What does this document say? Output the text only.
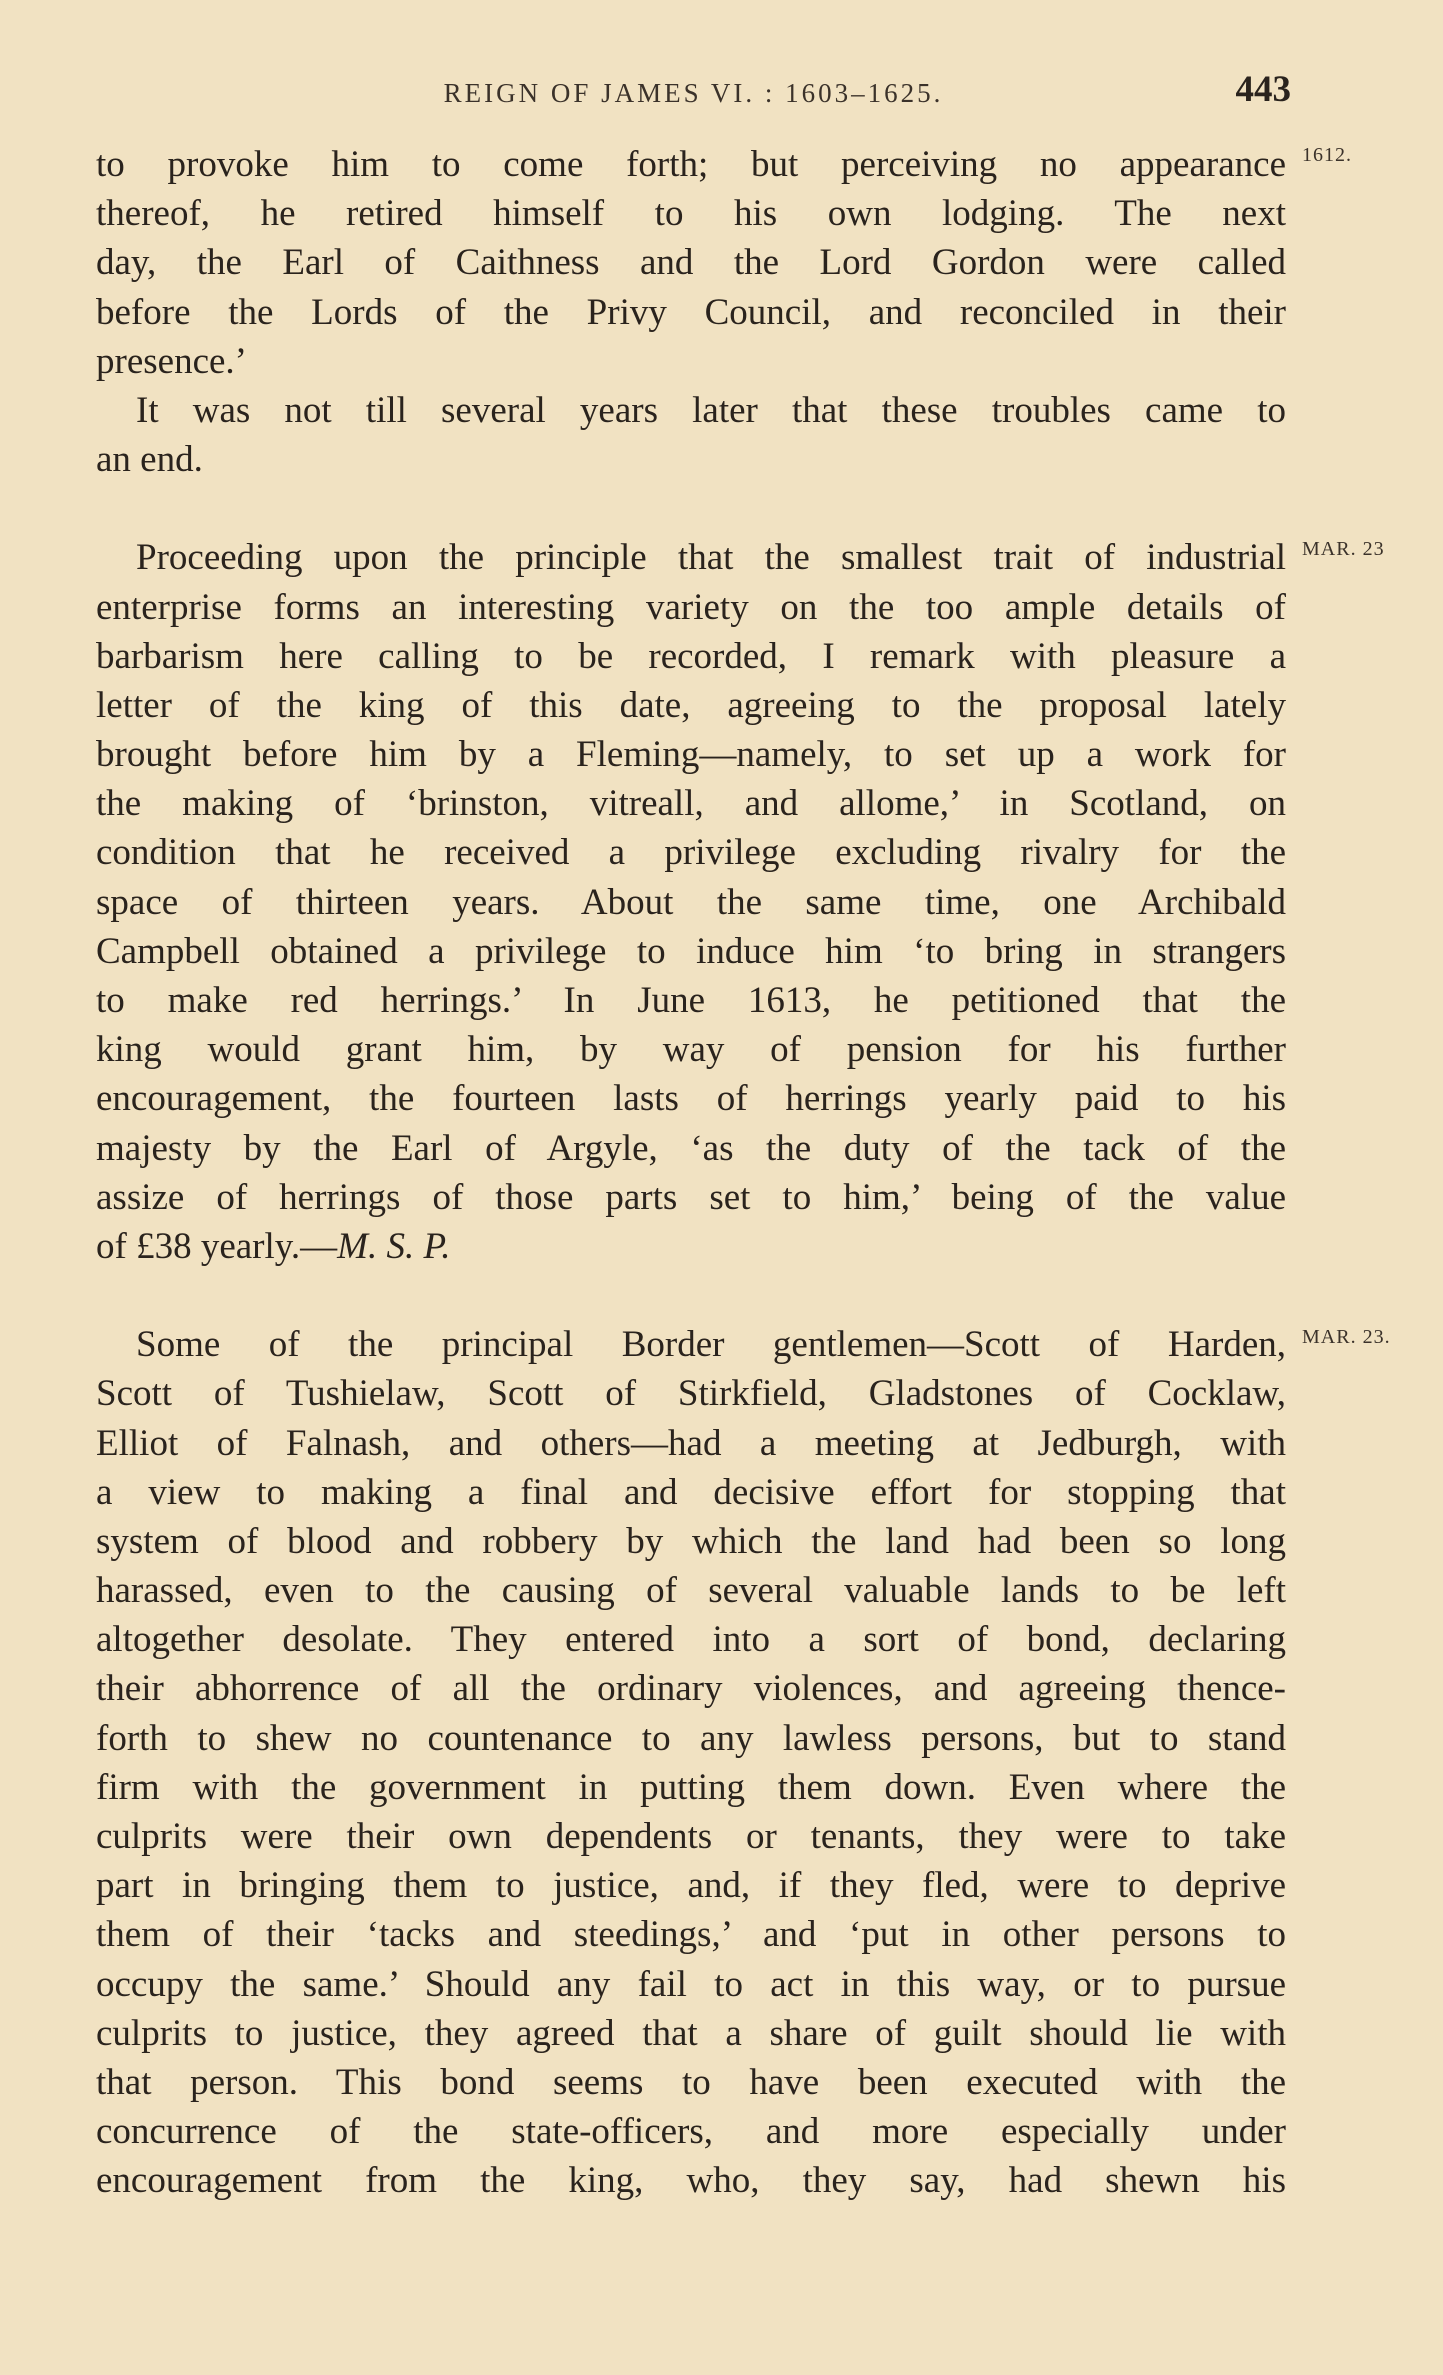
REIGN OF JAMES VI. : 1603–1625.	443
1612.
MAR. 23
MAR. 23.
to provoke him to come forth; but perceiving no appearance
thereof, he retired himself to his own lodging. The next
day, the Earl of Caithness and the Lord Gordon were called
before the Lords of the Privy Council, and reconciled in their
presence.’
It was not till several years later that these troubles came to
an end.
Proceeding upon the principle that the smallest trait of industrial
enterprise forms an interesting variety on the too ample details of
barbarism here calling to be recorded, I remark with pleasure a
letter of the king of this date, agreeing to the proposal lately
brought before him by a Fleming—namely, to set up a work for
the making of ‘brinston, vitreall, and allome,’ in Scotland, on
condition that he received a privilege excluding rivalry for the
space of thirteen years. About the same time, one Archibald
Campbell obtained a privilege to induce him ‘to bring in strangers
to make red herrings.’ In June 1613, he petitioned that the
king would grant him, by way of pension for his further
encouragement, the fourteen lasts of herrings yearly paid to his
majesty by the Earl of Argyle, ‘as the duty of the tack of the
assize of herrings of those parts set to him,’ being of the value
of £38 yearly.—M. S. P.
Some of the principal Border gentlemen—Scott of Harden,
Scott of Tushielaw, Scott of Stirkfield, Gladstones of Cocklaw,
Elliot of Falnash, and others—had a meeting at Jedburgh, with
a view to making a final and decisive effort for stopping that
system of blood and robbery by which the land had been so long
harassed, even to the causing of several valuable lands to be left
altogether desolate. They entered into a sort of bond, declaring
their abhorrence of all the ordinary violences, and agreeing thence-
forth to shew no countenance to any lawless persons, but to stand
firm with the government in putting them down. Even where the
culprits were their own dependents or tenants, they were to take
part in bringing them to justice, and, if they fled, were to deprive
them of their ‘tacks and steedings,’ and ‘put in other persons to
occupy the same.’ Should any fail to act in this way, or to pursue
culprits to justice, they agreed that a share of guilt should lie with
that person. This bond seems to have been executed with the
concurrence of the state-officers, and more especially under
encouragement from the king, who, they say, had shewn his
